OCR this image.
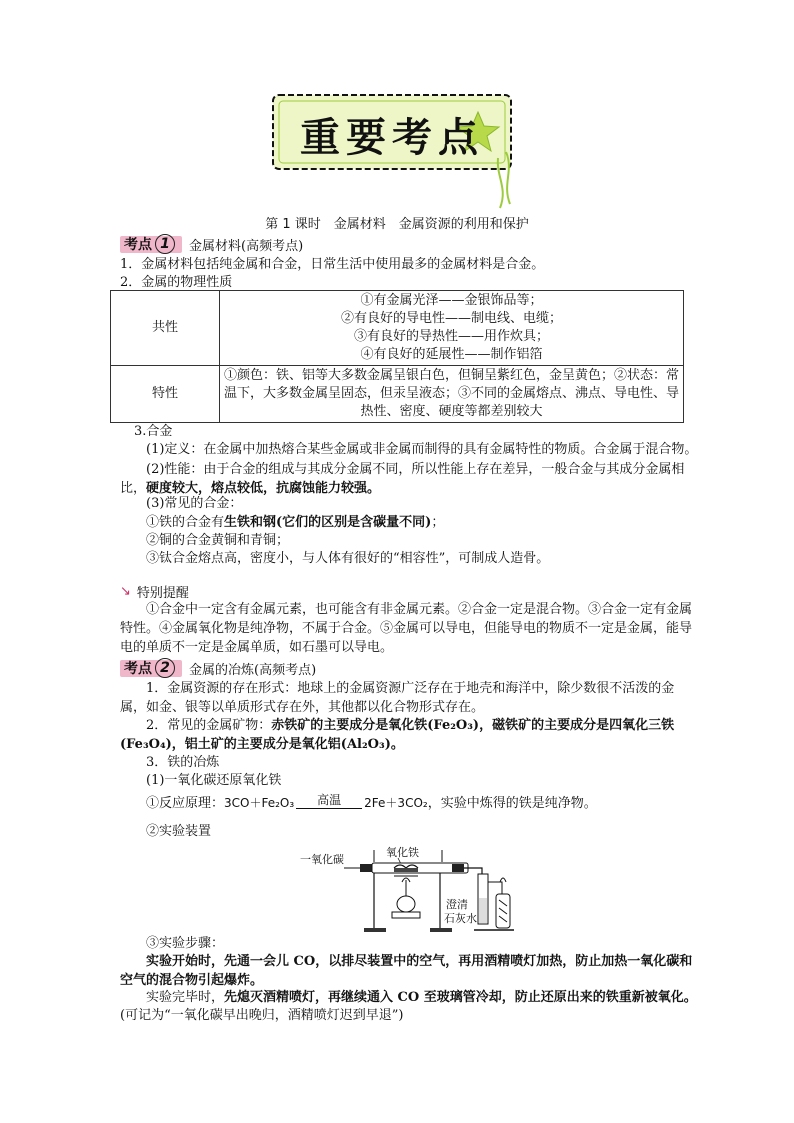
重要考点
第 1 课时　金属材料　金属资源的利用和保护
考点 1	金属材料(高频考点)
1．金属材料包括纯金属和合金，日常生活中使用最多的金属材料是合金。
2．金属的物理性质
共性	①有金属光泽——金银饰品等；
②有良好的导电性——制电线、电缆；
③有良好的导热性——用作炊具；
④有良好的延展性——制作铝箔

特性	①颜色：铁、铝等大多数金属呈银白色，但铜呈紫红色，金呈黄色；②状态：常温下，大多数金属呈固态，但汞呈液态；③不同的金属熔点、沸点、导电性、导热性、密度、硬度等都差别较大
3.合金
(1)定义：在金属中加热熔合某些金属或非金属而制得的具有金属特性的物质。合金属于混合物。
(2)性能：由于合金的组成与其成分金属不同，所以性能上存在差异，一般合金与其成分金属相比，硬度较大，熔点较低，抗腐蚀能力较强。
(3)常见的合金：
①铁的合金有生铁和钢(它们的区别是含碳量不同)；
②铜的合金黄铜和青铜；
③钛合金熔点高，密度小，与人体有很好的“相容性”，可制成人造骨。
↘ 特别提醒
①合金中一定含有金属元素，也可能含有非金属元素。②合金一定是混合物。③合金一定有金属特性。④金属氧化物是纯净物，不属于合金。⑤金属可以导电，但能导电的物质不一定是金属，能导电的单质不一定是金属单质，如石墨可以导电。
考点 2	金属的冶炼(高频考点)
1．金属资源的存在形式：地球上的金属资源广泛存在于地壳和海洋中，除少数很不活泼的金属，如金、银等以单质形式存在外，其他都以化合物形式存在。
2．常见的金属矿物：赤铁矿的主要成分是氧化铁(Fe₂O₃)，磁铁矿的主要成分是四氧化三铁(Fe₃O₄)，铝土矿的主要成分是氧化铝(Al₂O₃)。
3．铁的冶炼
(1)一氧化碳还原氧化铁
①反应原理： 3CO＋Fe₂O₃	高温	2Fe＋3CO₂ ，实验中炼得的铁是纯净物。
②实验装置
一氧化碳
氧化铁
澄清
石灰水
③实验步骤：
实验开始时，先通一会儿 CO，以排尽装置中的空气，再用酒精喷灯加热，防止加热一氧化碳和空气的混合物引起爆炸。
实验完毕时，先熄灭酒精喷灯，再继续通入 CO 至玻璃管冷却，防止还原出来的铁重新被氧化。
(可记为“一氧化碳早出晚归，酒精喷灯迟到早退”)
